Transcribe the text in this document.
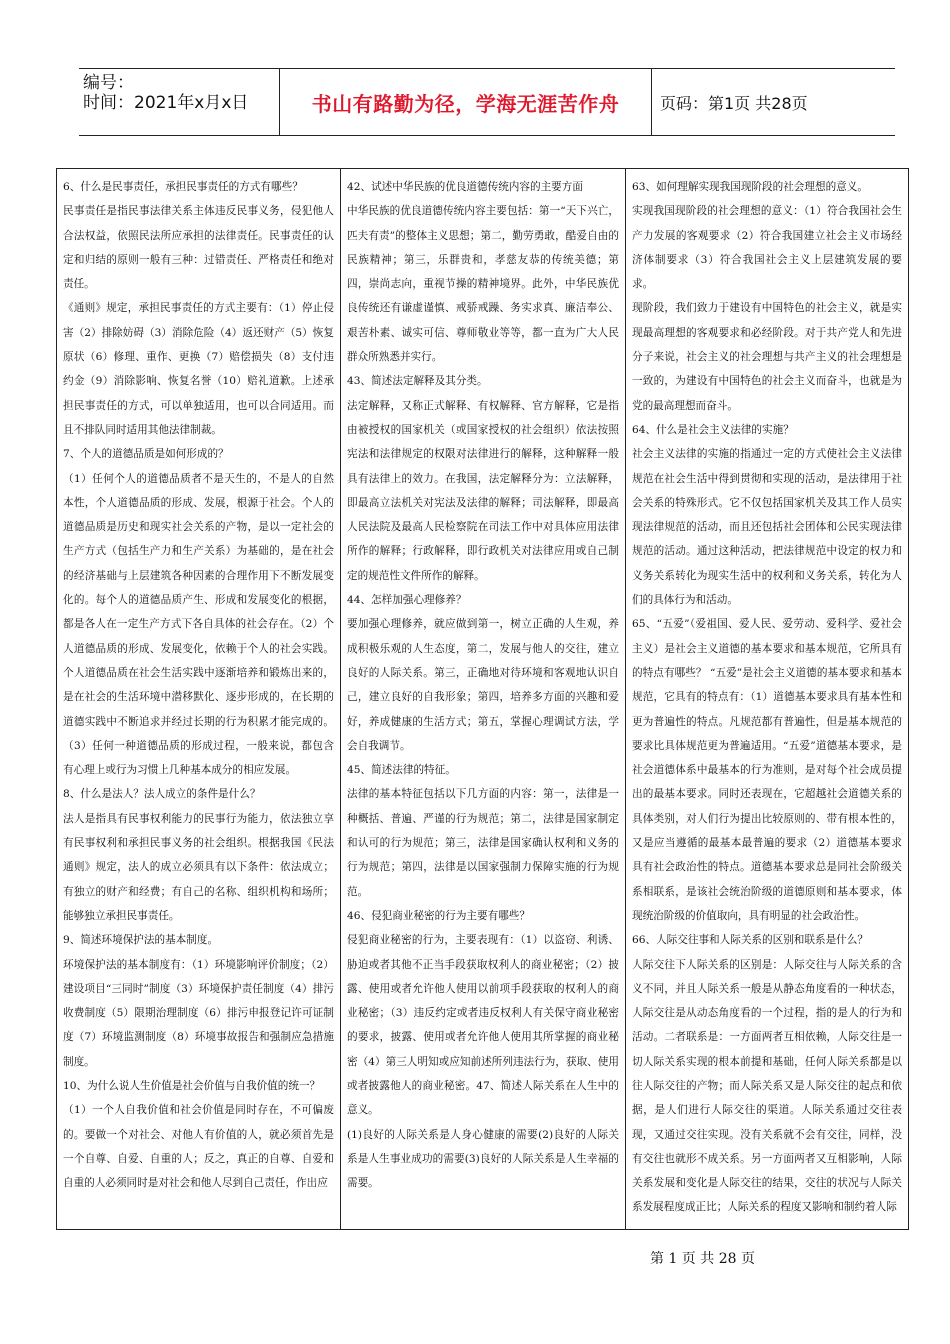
编号：
时间：2021年x月x日	书山有路勤为径，学海无涯苦作舟	页码：第1页 共28页

6、什么是民事责任，承担民事责任的方式有哪些？

民事责任是指民事法律关系主体违反民事义务，侵犯他人合法权益，依照民法所应承担的法律责任。民事责任的认定和归结的原则一般有三种：过错责任、严格责任和绝对责任。

《通则》规定，承担民事责任的方式主要有：（1）停止侵害（2）排除妨碍（3）消除危险（4）返还财产（5）恢复原状（6）修理、重作、更换（7）赔偿损失（8）支付违约金（9）消除影响、恢复名誉（10）赔礼道歉。上述承担民事责任的方式，可以单独适用，也可以合同适用。而且不排队同时适用其他法律制裁。

7、个人的道德品质是如何形成的？

（1）任何个人的道德品质者不是天生的，不是人的自然本性，个人道德品质的形成、发展，根源于社会。个人的道德品质是历史和现实社会关系的产物，是以一定社会的生产方式（包括生产力和生产关系）为基础的，是在社会的经济基础与上层建筑各种因素的合理作用下不断发展变化的。每个人的道德品质产生、形成和发展变化的根据，都是各人在一定生产方式下各自具体的社会存在。（2）个人道德品质的形成、发展变化，依赖于个人的社会实践。个人道德品质在社会生活实践中逐渐培养和锻炼出来的，是在社会的生活环境中潜移默化、逐步形成的，在长期的道德实践中不断追求并经过长期的行为积累才能完成的。（3）任何一种道德品质的形成过程，一般来说，都包含有心理上或行为习惯上几种基本成分的相应发展。

8、什么是法人？法人成立的条件是什么？

法人是指具有民事权利能力的民事行为能力，依法独立享有民事权利和承担民事义务的社会组织。根据我国《民法通则》规定，法人的成立必须具有以下条件：依法成立；有独立的财产和经费；有自己的名称、组织机构和场所；能够独立承担民事责任。

9、简述环境保护法的基本制度。

环境保护法的基本制度有：（1）环境影响评价制度；（2）建设项目“三同时”制度（3）环境保护责任制度（4）排污收费制度（5）限期治理制度（6）排污申报登记许可证制度（7）环境监测制度（8）环境事故报告和强制应急措施制度。

10、为什么说人生价值是社会价值与自我价值的统一？

（1）一个人自我价值和社会价值是同时存在，不可偏废的。要做一个对社会、对他人有价值的人，就必须首先是一个自尊、自爱、自重的人；反之，真正的自尊、自爱和自重的人必须同时是对社会和他人尽到自己责任，作出应

42、试述中华民族的优良道德传统内容的主要方面

中华民族的优良道德传统内容主要包括：第一“天下兴亡，匹夫有责”的整体主义思想；第二，勤劳勇敢，酷爱自由的民族精神；第三，乐群贵和，孝慈友恭的传统美德；第四，崇尚志向，重视节操的精神境界。此外，中华民族优良传统还有谦虚谨慎、戒骄戒躁、务实求真、廉洁奉公、艰苦朴素、诚实可信、尊师敬业等等，都一直为广大人民群众所熟悉并实行。

43、简述法定解释及其分类。

法定解释，又称正式解释、有权解释、官方解释，它是指由被授权的国家机关（或国家授权的社会组织）依法按照宪法和法律规定的权限对法律进行的解释，这种解释一般具有法律上的效力。在我国，法定解释分为：立法解释，即最高立法机关对宪法及法律的解释；司法解释，即最高人民法院及最高人民检察院在司法工作中对具体应用法律所作的解释；行政解释，即行政机关对法律应用或自己制定的规范性文件所作的解释。

44、怎样加强心理修养？

要加强心理修养，就应做到第一，树立正确的人生观，养成积极乐观的人生态度，第二，发展与他人的交往，建立良好的人际关系。第三，正确地对待环境和客观地认识自己，建立良好的自我形象；第四，培养多方面的兴趣和爱好，养成健康的生活方式；第五，掌握心理调试方法，学会自我调节。

45、简述法律的特征。

法律的基本特征包括以下几方面的内容：第一，法律是一种概括、普遍、严谨的行为规范；第二，法律是国家制定和认可的行为规范；第三，法律是国家确认权利和义务的行为规范；第四，法律是以国家强制力保障实施的行为规范。

46、侵犯商业秘密的行为主要有哪些？

侵犯商业秘密的行为，主要表现有：（1）以盗窃、利诱、胁迫或者其他不正当手段获取权利人的商业秘密；（2）披露、使用或者允许他人使用以前项手段获取的权利人的商业秘密；（3）违反约定或者违反权利人有关保守商业秘密的要求，披露、使用或者允许他人使用其所掌握的商业秘密（4）第三人明知或应知前述所列违法行为，获取、使用或者披露他人的商业秘密。47、简述人际关系在人生中的意义。

(1)良好的人际关系是人身心健康的需要(2)良好的人际关系是人生事业成功的需要(3)良好的人际关系是人生幸福的需要。

63、如何理解实现我国现阶段的社会理想的意义。

实现我国现阶段的社会理想的意义：（1）符合我国社会生产力发展的客观要求（2）符合我国建立社会主义市场经济体制要求（3）符合我国社会主义上层建筑发展的要求。

现阶段，我们致力于建设有中国特色的社会主义，就是实现最高理想的客观要求和必经阶段。对于共产党人和先进分子来说，社会主义的社会理想与共产主义的社会理想是一致的，为建设有中国特色的社会主义而奋斗，也就是为党的最高理想而奋斗。

64、什么是社会主义法律的实施？

社会主义法律的实施的指通过一定的方式使社会主义法律规范在社会生活中得到贯彻和实现的活动，是法律用于社会关系的特殊形式。它不仅包括国家机关及其工作人员实现法律规范的活动，而且还包括社会团体和公民实现法律规范的活动。通过这种活动，把法律规范中设定的权力和义务关系转化为现实生活中的权利和义务关系，转化为人们的具体行为和活动。

65、“五爱”（爱祖国、爱人民、爱劳动、爱科学、爱社会主义）是社会主义道德的基本要求和基本规范，它所具有的特点有哪些？ “五爱”是社会主义道德的基本要求和基本规范，它具有的特点有：（1）道德基本要求具有基本性和更为普遍性的特点。凡规范都有普遍性，但是基本规范的要求比具体规范更为普遍适用。“五爱”道德基本要求，是社会道德体系中最基本的行为准则，是对每个社会成员提出的最基本要求。同时还表现在，它超越社会道德关系的具体类别，对人们行为提出比较原则的、带有根本性的，又是应当遵循的最基本最普遍的要求（2）道德基本要求具有社会政治性的特点。道德基本要求总是同社会阶级关系相联系，是该社会统治阶级的道德原则和基本要求，体现统治阶级的价值取向，具有明显的社会政治性。

66、人际交往事和人际关系的区别和联系是什么？

人际交往下人际关系的区别是：人际交往与人际关系的含义不同，并且人际关系一般是从静态角度看的一种状态，人际交往是从动态角度看的一个过程，指的是人的行为和活动。二者联系是：一方面两者互相依赖，人际交往是一切人际关系实现的根本前提和基础，任何人际关系都是以往人际交往的产物；而人际关系又是人际交往的起点和依据，是人们进行人际交往的渠道。人际关系通过交往表现，又通过交往实现。没有关系就不会有交往，同样，没有交往也就形不成关系。另一方面两者又互相影响，人际关系发展和变化是人际交往的结果，交往的状况与人际关系发展程度成正比；人际关系的程度又影响和制约着人际

第 1 页 共 28 页
